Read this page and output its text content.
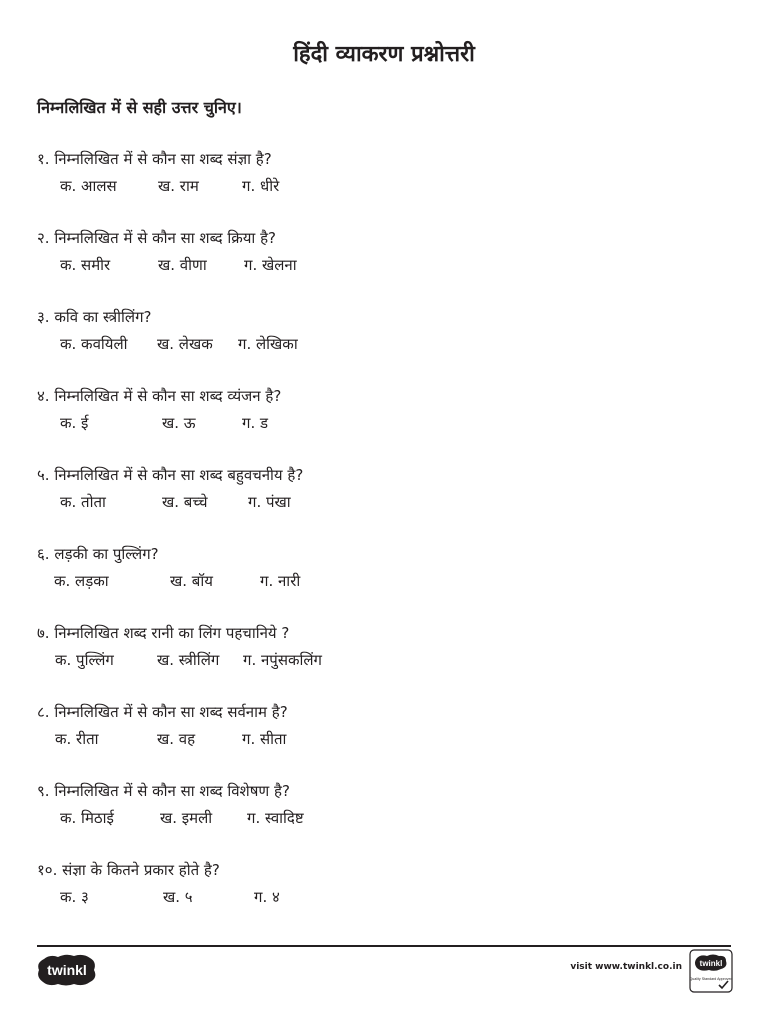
हिंदी व्याकरण प्रश्नोत्तरी
निम्नलिखित में से सही उत्तर चुनिए।
१. निम्नलिखित में से कौन सा शब्द संज्ञा है?
क. आलस	ख. राम	ग. धीरे
२. निम्नलिखित में से कौन सा शब्द क्रिया है?
क. समीर	ख. वीणा ग. खेलना
३. कवि का स्त्रीलिंग?
क. कवयिली ख. लेखक ग. लेखिका
४. निम्नलिखित में से कौन सा शब्द व्यंजन है?
क. ई	ख. ऊ	ग. ड
५. निम्नलिखित में से कौन सा शब्द बहुवचनीय है?
क. तोता	ख. बच्चे	ग. पंखा
६. लड़की का पुल्लिंग?
क. लड़का	ख. बॉय	ग. नारी
७. निम्नलिखित शब्द रानी का लिंग पहचानिये ?
क. पुल्लिंग	ख. स्त्रीलिंग ग. नपुंसकलिंग
८. निम्नलिखित में से कौन सा शब्द सर्वनाम है?
क. रीता	ख. वह	ग. सीता
९. निम्नलिखित में से कौन सा शब्द विशेषण है?
क. मिठाई	ख. इमली ग. स्वादिष्ट
१०. संज्ञा के कितने प्रकार होते है?
क. ३	ख. ५	ग. ४
twinkl	visit www.twinkl.co.in twinkl
Quality Standard Approved
